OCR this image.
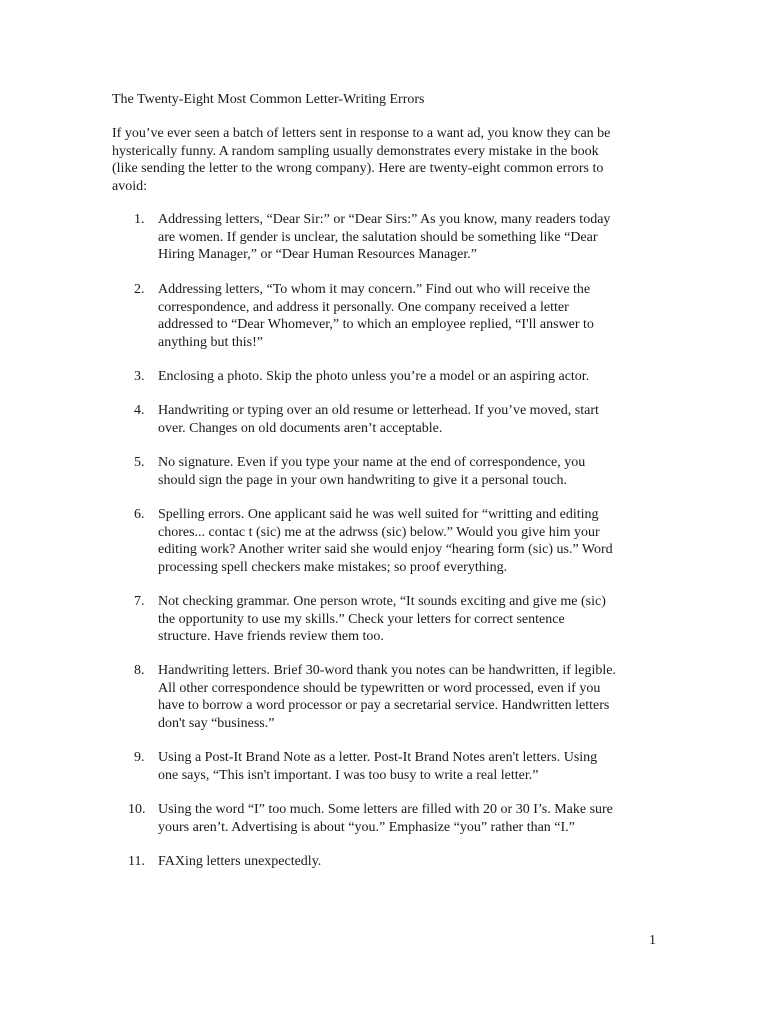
The Twenty-Eight Most Common Letter-Writing Errors
If you’ve ever seen a batch of letters sent in response to a want ad, you know they can be
hysterically funny. A random sampling usually demonstrates every mistake in the book
(like sending the letter to the wrong company). Here are twenty-eight common errors to
avoid:
1. Addressing letters, “Dear Sir:” or “Dear Sirs:” As you know, many readers today
are women. If gender is unclear, the salutation should be something like “Dear
Hiring Manager,” or “Dear Human Resources Manager.”
2. Addressing letters, “To whom it may concern.” Find out who will receive the
correspondence, and address it personally. One company received a letter
addressed to “Dear Whomever,” to which an employee replied, “I'll answer to
anything but this!”
3. Enclosing a photo. Skip the photo unless you’re a model or an aspiring actor.
4. Handwriting or typing over an old resume or letterhead. If you’ve moved, start
over. Changes on old documents aren’t acceptable.
5. No signature. Even if you type your name at the end of correspondence, you
should sign the page in your own handwriting to give it a personal touch.
6. Spelling errors. One applicant said he was well suited for “writting and editing
chores... contac t (sic) me at the adrwss (sic) below.” Would you give him your
editing work? Another writer said she would enjoy “hearing form (sic) us.” Word
processing spell checkers make mistakes; so proof everything.
7. Not checking grammar. One person wrote, “It sounds exciting and give me (sic)
the opportunity to use my skills.” Check your letters for correct sentence
structure. Have friends review them too.
8. Handwriting letters. Brief 30-word thank you notes can be handwritten, if legible.
All other correspondence should be typewritten or word processed, even if you
have to borrow a word processor or pay a secretarial service. Handwritten letters
don't say “business.”
9. Using a Post-It Brand Note as a letter. Post-It Brand Notes aren't letters. Using
one says, “This isn't important. I was too busy to write a real letter.”
10. Using the word “I” too much. Some letters are filled with 20 or 30 I’s. Make sure
yours aren’t. Advertising is about “you.” Emphasize “you” rather than “I.”
11. FAXing letters unexpectedly.
1
